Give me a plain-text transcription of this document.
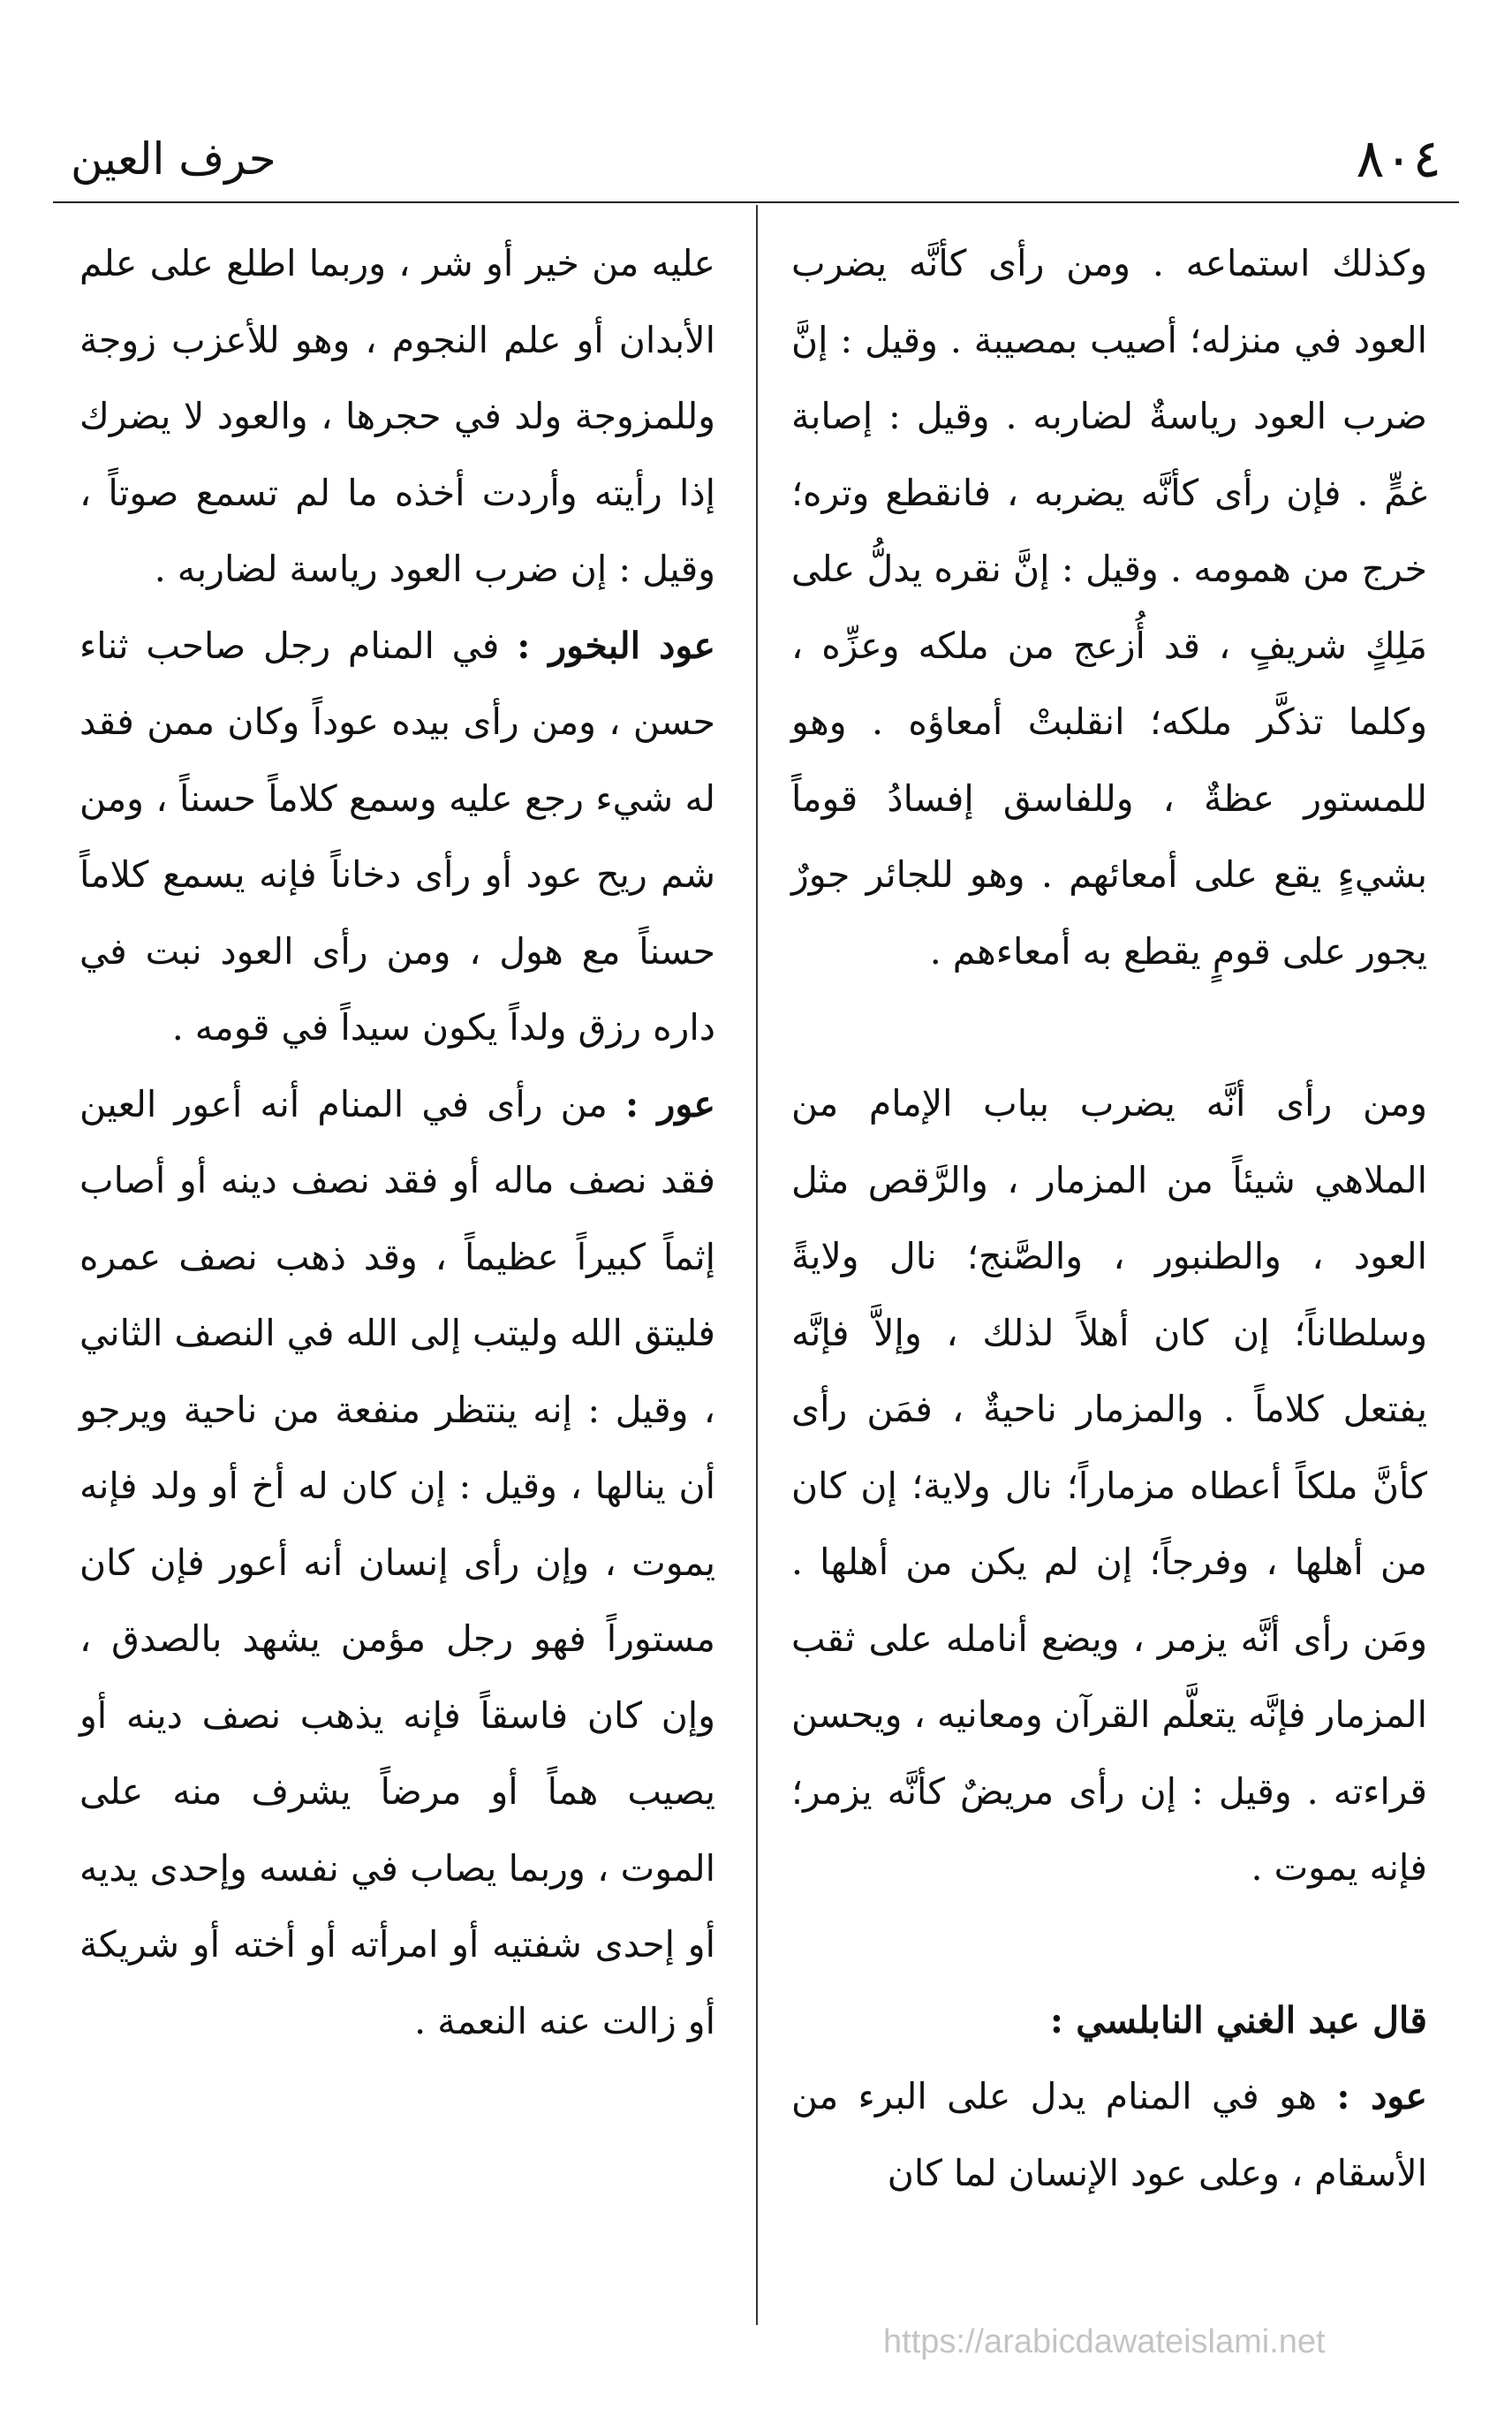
٨٠٤
حرف العين

وكذلك استماعه . ومن رأى كأنَّه يضرب العود في منزله؛ أصيب بمصيبة . وقيل : إنَّ ضرب العود رياسةٌ لضاربه . وقيل : إصابة غمٍّ . فإن رأى كأنَّه يضربه ، فانقطع وتره؛ خرج من همومه . وقيل : إنَّ نقره يدلُّ على مَلِكٍ شريفٍ ، قد أُزعج من ملكه وعزِّه ، وكلما تذكَّر ملكه؛ انقلبتْ أمعاؤه . وهو للمستور عظةٌ ، وللفاسق إفسادُ قوماً بشيءٍ يقع على أمعائهم . وهو للجائر جورٌ يجور على قومٍ يقطع به أمعاءهم .

ومن رأى أنَّه يضرب بباب الإمام من الملاهي شيئاً من المزمار ، والرَّقص مثل العود ، والطنبور ، والصَّنج؛ نال ولايةً وسلطاناً؛ إن كان أهلاً لذلك ، وإلاَّ فإنَّه يفتعل كلاماً . والمزمار ناحيةٌ ، فمَن رأى كأنَّ ملكاً أعطاه مزماراً؛ نال ولاية؛ إن كان من أهلها ، وفرجاً؛ إن لم يكن من أهلها . ومَن رأى أنَّه يزمر ، ويضع أنامله على ثقب المزمار فإنَّه يتعلَّم القرآن ومعانيه ، ويحسن قراءته . وقيل : إن رأى مريضٌ كأنَّه يزمر؛ فإنه يموت .

قال عبد الغني النابلسي :

عود : هو في المنام يدل على البرء من الأسقام ، وعلى عود الإنسان لما كان

عليه من خير أو شر ، وربما اطلع على علم الأبدان أو علم النجوم ، وهو للأعزب زوجة وللمزوجة ولد في حجرها ، والعود لا يضرك إذا رأيته وأردت أخذه ما لم تسمع صوتاً ، وقيل : إن ضرب العود رياسة لضاربه .

عود البخور : في المنام رجل صاحب ثناء حسن ، ومن رأى بيده عوداً وكان ممن فقد له شيء رجع عليه وسمع كلاماً حسناً ، ومن شم ريح عود أو رأى دخاناً فإنه يسمع كلاماً حسناً مع هول ، ومن رأى العود نبت في داره رزق ولداً يكون سيداً في قومه .

عور : من رأى في المنام أنه أعور العين فقد نصف ماله أو فقد نصف دينه أو أصاب إثماً كبيراً عظيماً ، وقد ذهب نصف عمره فليتق الله وليتب إلى الله في النصف الثاني ، وقيل : إنه ينتظر منفعة من ناحية ويرجو أن ينالها ، وقيل : إن كان له أخ أو ولد فإنه يموت ، وإن رأى إنسان أنه أعور فإن كان مستوراً فهو رجل مؤمن يشهد بالصدق ، وإن كان فاسقاً فإنه يذهب نصف دينه أو يصيب هماً أو مرضاً يشرف منه على الموت ، وربما يصاب في نفسه وإحدى يديه أو إحدى شفتيه أو امرأته أو أخته أو شريكة أو زالت عنه النعمة .

https://arabicdawateislami.net
